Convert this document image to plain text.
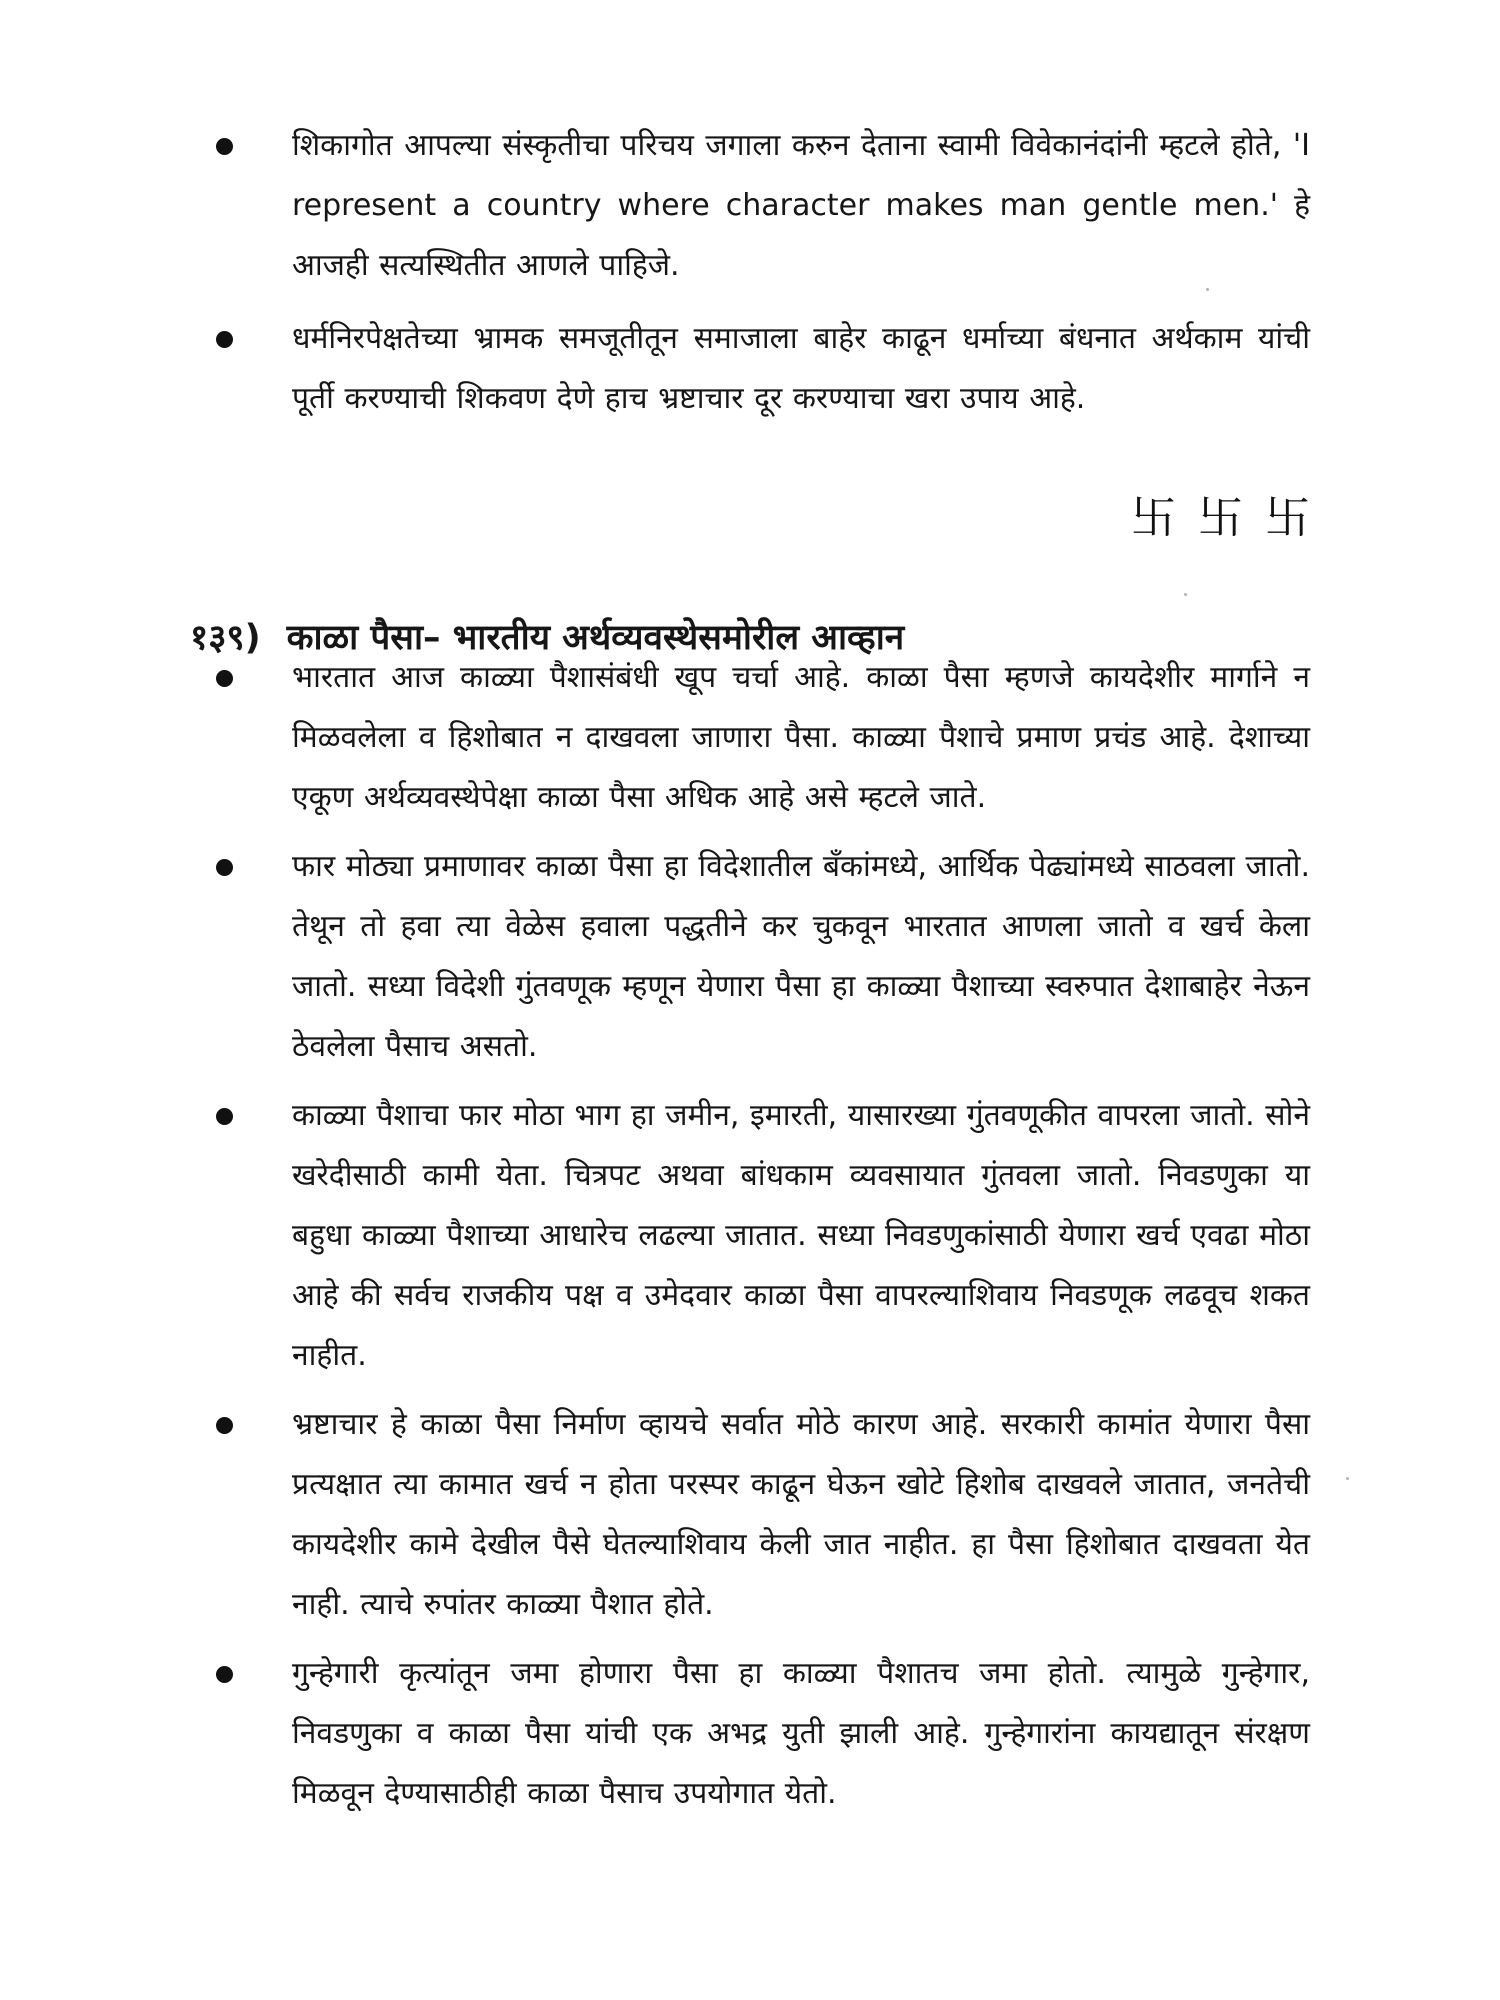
शिकागोत आपल्या संस्कृतीचा परिचय जगाला करुन देताना स्वामी विवेकानंदांनी म्हटले होते, 'I represent a country where character makes man gentle men.' हे आजही सत्यस्थितीत आणले पाहिजे.
धर्मनिरपेक्षतेच्या भ्रामक समजूतीतून समाजाला बाहेर काढून धर्माच्या बंधनात अर्थकाम यांची पूर्ती करण्याची शिकवण देणे हाच भ्रष्टाचार दूर करण्याचा खरा उपाय आहे.
卐 卐 卐
१३९) काळा पैसा– भारतीय अर्थव्यवस्थेसमोरील आव्हान
भारतात आज काळ्या पैशासंबंधी खूप चर्चा आहे. काळा पैसा म्हणजे कायदेशीर मार्गाने न मिळवलेला व हिशोबात न दाखवला जाणारा पैसा. काळ्या पैशाचे प्रमाण प्रचंड आहे. देशाच्या एकूण अर्थव्यवस्थेपेक्षा काळा पैसा अधिक आहे असे म्हटले जाते.
फार मोठ्या प्रमाणावर काळा पैसा हा विदेशातील बँकांमध्ये, आर्थिक पेढ्यांमध्ये साठवला जातो. तेथून तो हवा त्या वेळेस हवाला पद्धतीने कर चुकवून भारतात आणला जातो व खर्च केला जातो. सध्या विदेशी गुंतवणूक म्हणून येणारा पैसा हा काळ्या पैशाच्या स्वरुपात देशाबाहेर नेऊन ठेवलेला पैसाच असतो.
काळ्या पैशाचा फार मोठा भाग हा जमीन, इमारती, यासारख्या गुंतवणूकीत वापरला जातो. सोने खरेदीसाठी कामी येता. चित्रपट अथवा बांधकाम व्यवसायात गुंतवला जातो. निवडणुका या बहुधा काळ्या पैशाच्या आधारेच लढल्या जातात. सध्या निवडणुकांसाठी येणारा खर्च एवढा मोठा आहे की सर्वच राजकीय पक्ष व उमेदवार काळा पैसा वापरल्याशिवाय निवडणूक लढवूच शकत नाहीत.
भ्रष्टाचार हे काळा पैसा निर्माण व्हायचे सर्वात मोठे कारण आहे. सरकारी कामांत येणारा पैसा प्रत्यक्षात त्या कामात खर्च न होता परस्पर काढून घेऊन खोटे हिशोब दाखवले जातात, जनतेची कायदेशीर कामे देखील पैसे घेतल्याशिवाय केली जात नाहीत. हा पैसा हिशोबात दाखवता येत नाही. त्याचे रुपांतर काळ्या पैशात होते.
गुन्हेगारी कृत्यांतून जमा होणारा पैसा हा काळ्या पैशातच जमा होतो. त्यामुळे गुन्हेगार, निवडणुका व काळा पैसा यांची एक अभद्र युती झाली आहे. गुन्हेगारांना कायद्यातून संरक्षण मिळवून देण्यासाठीही काळा पैसाच उपयोगात येतो.
